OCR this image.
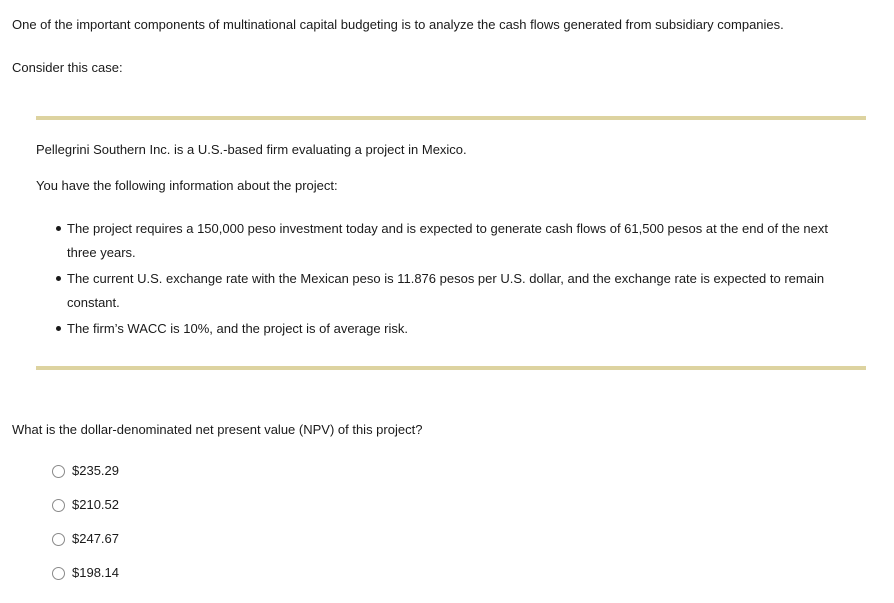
One of the important components of multinational capital budgeting is to analyze the cash flows generated from subsidiary companies.

Consider this case:

Pellegrini Southern Inc. is a U.S.-based firm evaluating a project in Mexico.

You have the following information about the project:

The project requires a 150,000 peso investment today and is expected to generate cash flows of 61,500 pesos at the end of the next three years.
The current U.S. exchange rate with the Mexican peso is 11.876 pesos per U.S. dollar, and the exchange rate is expected to remain constant.
The firm’s WACC is 10%, and the project is of average risk.

What is the dollar-denominated net present value (NPV) of this project?

$235.29
$210.52
$247.67
$198.14
